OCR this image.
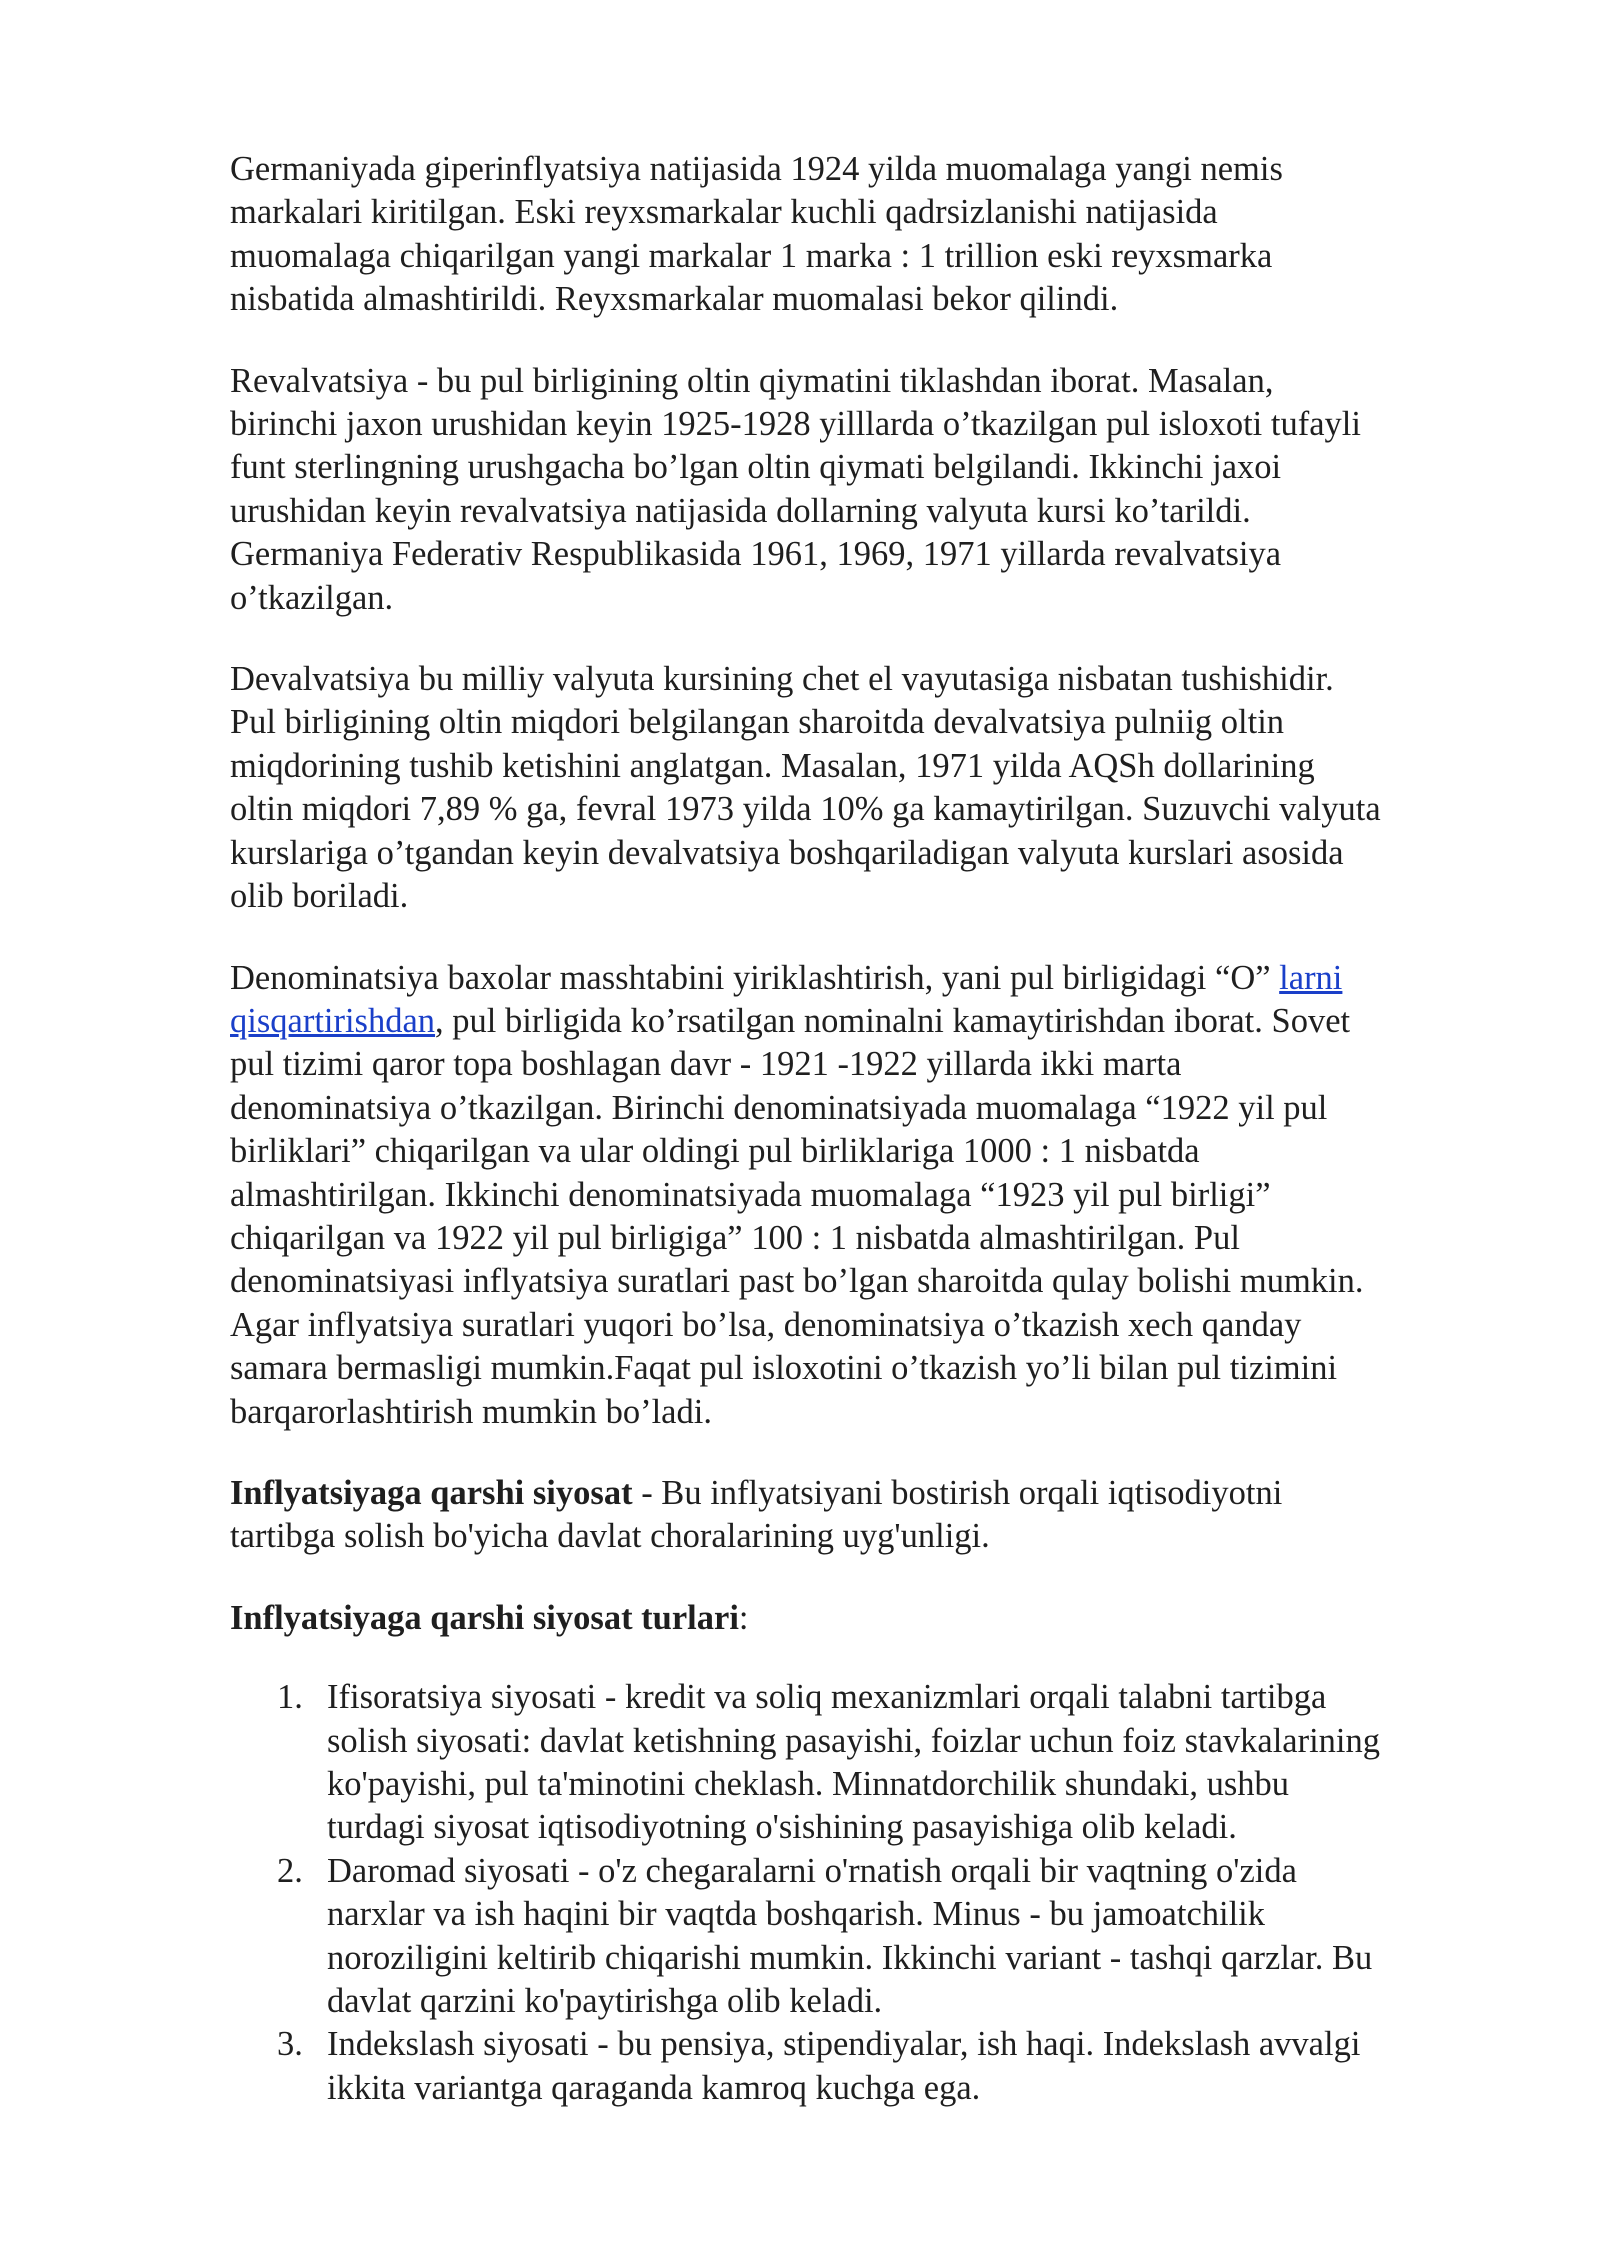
Germaniyada giperinflyatsiya natijasida 1924 yilda muomalaga yangi nemis
markalari kiritilgan. Eski reyxsmarkalar kuchli qadrsizlanishi natijasida
muomalaga chiqarilgan yangi markalar 1 marka : 1 trillion eski reyxsmarka
nisbatida almashtirildi. Reyxsmarkalar muomalasi bekor qilindi.

Revalvatsiya - bu pul birligining oltin qiymatini tiklashdan iborat. Masalan,
birinchi jaxon urushidan keyin 1925-1928 yilllarda o’tkazilgan pul isloxoti tufayli
funt sterlingning urushgacha bo’lgan oltin qiymati belgilandi. Ikkinchi jaxoi
urushidan keyin revalvatsiya natijasida dollarning valyuta kursi ko’tarildi.
Germaniya Federativ Respublikasida 1961, 1969, 1971 yillarda revalvatsiya
o’tkazilgan.

Devalvatsiya bu milliy valyuta kursining chet el vayutasiga nisbatan tushishidir.
Pul birligining oltin miqdori belgilangan sharoitda devalvatsiya pulniig oltin
miqdorining tushib ketishini anglatgan. Masalan, 1971 yilda AQSh dollarining
oltin miqdori 7,89 % ga, fevral 1973 yilda 10% ga kamaytirilgan. Suzuvchi valyuta
kurslariga o’tgandan keyin devalvatsiya boshqariladigan valyuta kurslari asosida
olib boriladi.

Denominatsiya baxolar masshtabini yiriklashtirish, yani pul birligidagi “O” larni
qisqartirishdan, pul birligida ko’rsatilgan nominalni kamaytirishdan iborat. Sovet
pul tizimi qaror topa boshlagan davr - 1921 -1922 yillarda ikki marta
denominatsiya o’tkazilgan. Birinchi denominatsiyada muomalaga “1922 yil pul
birliklari” chiqarilgan va ular oldingi pul birliklariga 1000 : 1 nisbatda
almashtirilgan. Ikkinchi denominatsiyada muomalaga “1923 yil pul birligi”
chiqarilgan va 1922 yil pul birligiga” 100 : 1 nisbatda almashtirilgan. Pul
denominatsiyasi inflyatsiya suratlari past bo’lgan sharoitda qulay bolishi mumkin.
Agar inflyatsiya suratlari yuqori bo’lsa, denominatsiya o’tkazish xech qanday
samara bermasligi mumkin.Faqat pul isloxotini o’tkazish yo’li bilan pul tizimini
barqarorlashtirish mumkin bo’ladi.

Inflyatsiyaga qarshi siyosat - Bu inflyatsiyani bostirish orqali iqtisodiyotni
tartibga solish bo'yicha davlat choralarining uyg'unligi.

Inflyatsiyaga qarshi siyosat turlari:

1. Ifisoratsiya siyosati - kredit va soliq mexanizmlari orqali talabni tartibga
solish siyosati: davlat ketishning pasayishi, foizlar uchun foiz stavkalarining
ko'payishi, pul ta'minotini cheklash. Minnatdorchilik shundaki, ushbu
turdagi siyosat iqtisodiyotning o'sishining pasayishiga olib keladi.
2. Daromad siyosati - o'z chegaralarni o'rnatish orqali bir vaqtning o'zida
narxlar va ish haqini bir vaqtda boshqarish. Minus - bu jamoatchilik
noroziligini keltirib chiqarishi mumkin. Ikkinchi variant - tashqi qarzlar. Bu
davlat qarzini ko'paytirishga olib keladi.
3. Indekslash siyosati - bu pensiya, stipendiyalar, ish haqi. Indekslash avvalgi
ikkita variantga qaraganda kamroq kuchga ega.
